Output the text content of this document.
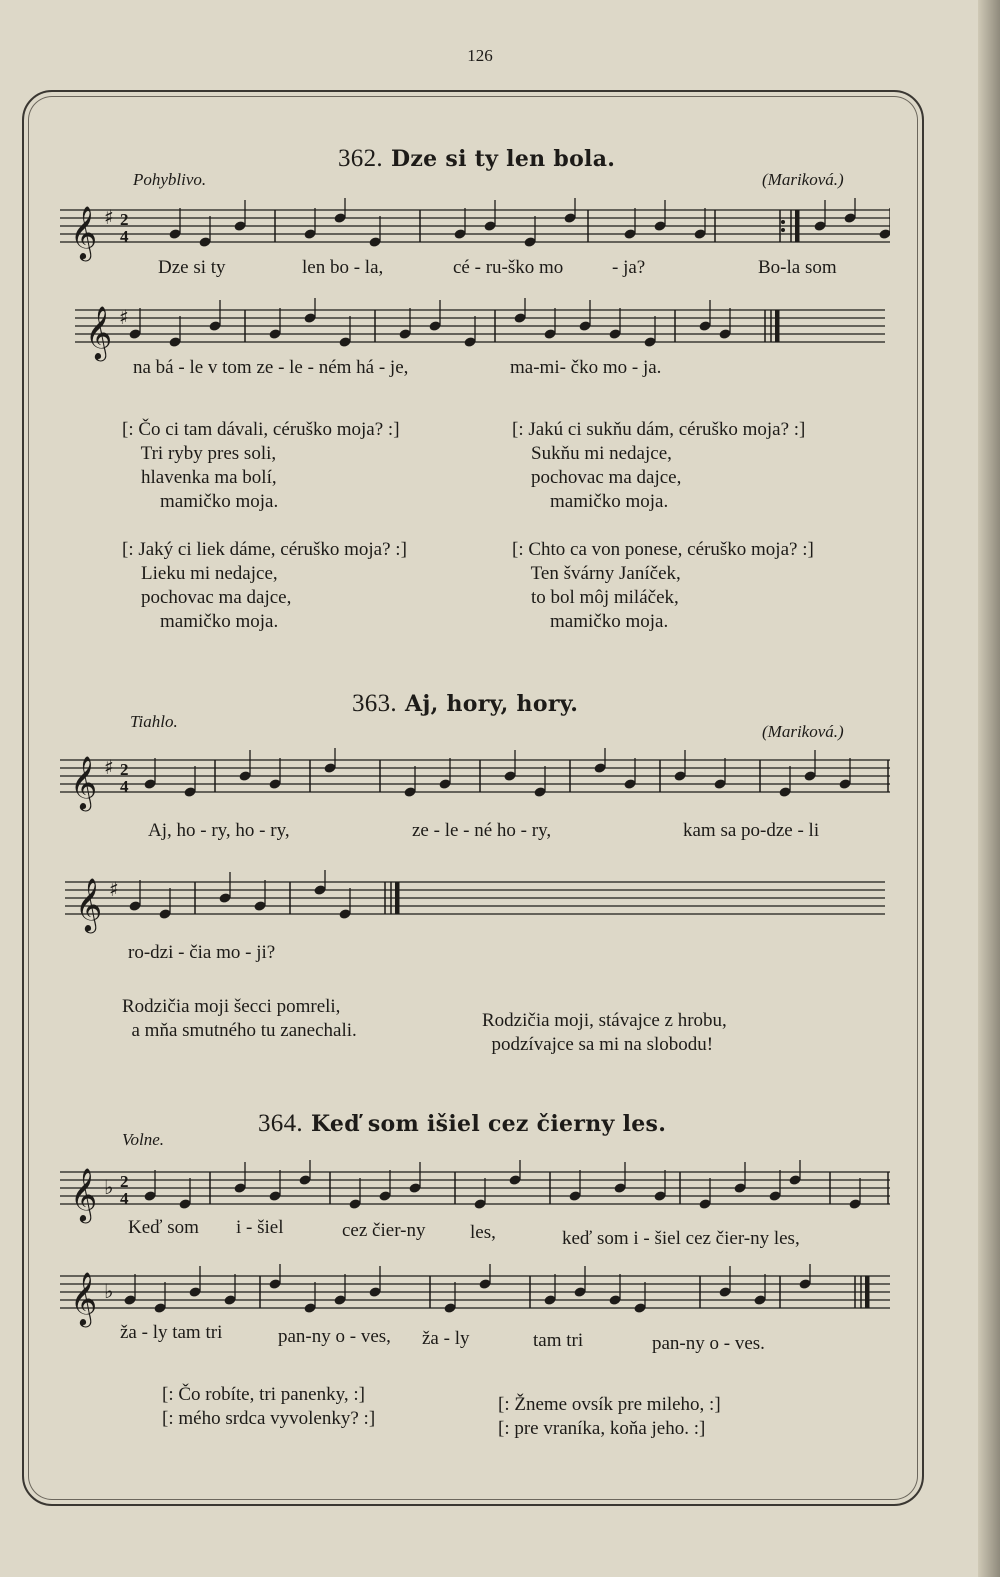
126
362. Dze si ty len bola.
Pohyblivo.	(Mariková.)
𝄞 ♯ 2
4
Dze si ty	len bo - la,	cé - ru-ško mo	- ja?	Bo-la som
𝄞 ♯
na bá - le v tom ze - le - ném há - je,	ma-mi- čko mo - ja.
[: Čo ci tam dávali, céruško moja? :]
Tri ryby pres soli,
hlavenka ma bolí,
mamičko moja.
[: Jakú ci sukňu dám, céruško moja? :]
Sukňu mi nedajce,
pochovac ma dajce,
mamičko moja.
[: Jaký ci liek dáme, céruško moja? :]
Lieku mi nedajce,
pochovac ma dajce,
mamičko moja.
[: Chto ca von ponese, céruško moja? :]
Ten švárny Janíček,
to bol môj miláček,
mamičko moja.
363. Aj, hory, hory.
Tiahlo.
(Mariková.)
𝄞 ♯ 2
4
Aj, ho - ry, ho - ry,	ze - le - né ho - ry,	kam sa po-dze - li
𝄞 ♯
ro-dzi - čia mo - ji?
Rodzičia moji šecci pomreli,
a mňa smutného tu zanechali.	Rodzičia moji, stávajce z hrobu,
podzívajce sa mi na slobodu!
364. Keď som išiel cez čierny les.
Volne.
𝄞 ♭ 2
4
Keď som i - šiel	cez čier-ny les,	keď som i - šiel cez čier-ny les,
𝄞 ♭
ža - ly tam tri	pan-ny o - ves, ža - ly	tam tri	pan-ny o - ves.
[: Čo robíte, tri panenky, :]
[: mého srdca vyvolenky? :]
[: Žneme ovsík pre mileho, :]
[: pre vraníka, koňa jeho. :]
